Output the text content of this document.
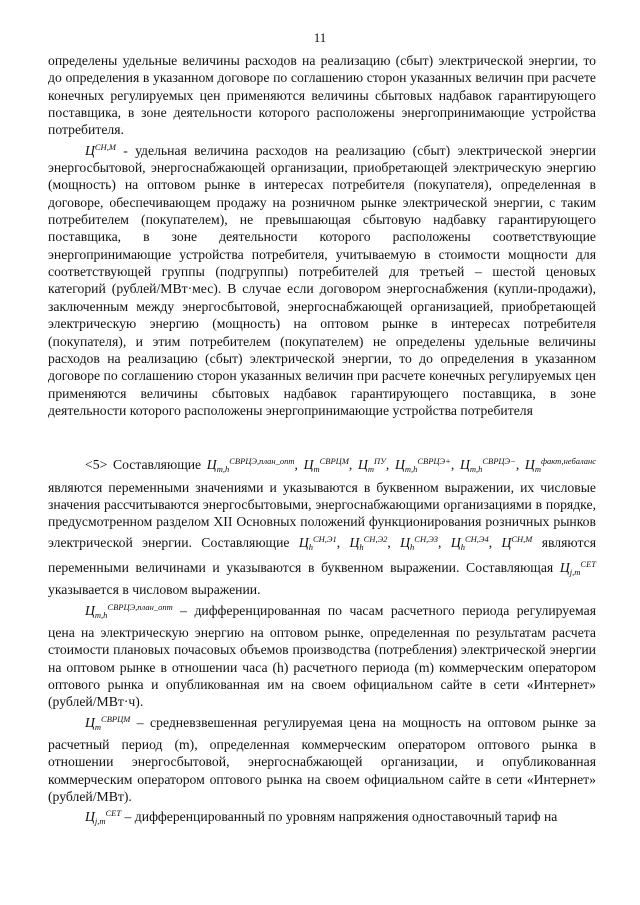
11

определены удельные величины расходов на реализацию (сбыт) электрической энергии, то до определения в указанном договоре по соглашению сторон указанных величин при расчете конечных регулируемых цен применяются величины сбытовых надбавок гарантирующего поставщика, в зоне деятельности которого расположены энергопринимающие устройства потребителя.

$Ц^{СН,М}$ - удельная величина расходов на реализацию (сбыт) электрической энергии энергосбытовой, энергоснабжающей организации, приобретающей электрическую энергию (мощность) на оптовом рынке в интересах потребителя (покупателя), определенная в договоре, обеспечивающем продажу на розничном рынке электрической энергии, с таким потребителем (покупателем), не превышающая сбытовую надбавку гарантирующего поставщика, в зоне деятельности которого расположены соответствующие энергопринимающие устройства потребителя, учитываемую в стоимости мощности для соответствующей группы (подгруппы) потребителей для третьей – шестой ценовых категорий (рублей/МВт·мес). В случае если договором энергоснабжения (купли-продажи), заключенным между энергосбытовой, энергоснабжающей организацией, приобретающей электрическую энергию (мощность) на оптовом рынке в интересах потребителя (покупателя), и этим потребителем (покупателем) не определены удельные величины расходов на реализацию (сбыт) электрической энергии, то до определения в указанном договоре по соглашению сторон указанных величин при расчете конечных регулируемых цен применяются величины сбытовых надбавок гарантирующего поставщика, в зоне деятельности которого расположены энергопринимающие устройства потребителя

<5> Составляющие $Ц_{m,h}^{СВРЦЭ,план\_опт}$, $Ц_m^{СВРЦМ}$, $Ц_m^{ПУ}$, $Ц_{m,h}^{СВРЦЭ+}$, $Ц_{m,h}^{СВРЦЭ-}$, $Ц_m^{факт,небаланс}$ являются переменными значениями и указываются в буквенном выражении, их числовые значения рассчитываются энергосбытовыми, энергоснабжающими организациями в порядке, предусмотренном разделом XII Основных положений функционирования розничных рынков электрической энергии. Составляющие $Ц_h^{СН,Э1}$, $Ц_h^{СН,Э2}$, $Ц_h^{СН,Э3}$, $Ц_h^{СН,Э4}$, $Ц^{СН,М}$ являются переменными величинами и указываются в буквенном выражении. Составляющая $Ц_{j,m}^{СЕТ}$ указывается в числовом выражении.

$Ц_{m,h}^{СВРЦЭ,план\_опт}$ – дифференцированная по часам расчетного периода регулируемая цена на электрическую энергию на оптовом рынке, определенная по результатам расчета стоимости плановых почасовых объемов производства (потребления) электрической энергии на оптовом рынке в отношении часа (h) расчетного периода (m) коммерческим оператором оптового рынка и опубликованная им на своем официальном сайте в сети «Интернет» (рублей/МВт·ч).

$Ц_m^{СВРЦМ}$ – средневзвешенная регулируемая цена на мощность на оптовом рынке за расчетный период (m), определенная коммерческим оператором оптового рынка в отношении энергосбытовой, энергоснабжающей организации, и опубликованная коммерческим оператором оптового рынка на своем официальном сайте в сети «Интернет» (рублей/МВт).

$Ц_{j,m}^{СЕТ}$ – дифференцированный по уровням напряжения одноставочный тариф на
